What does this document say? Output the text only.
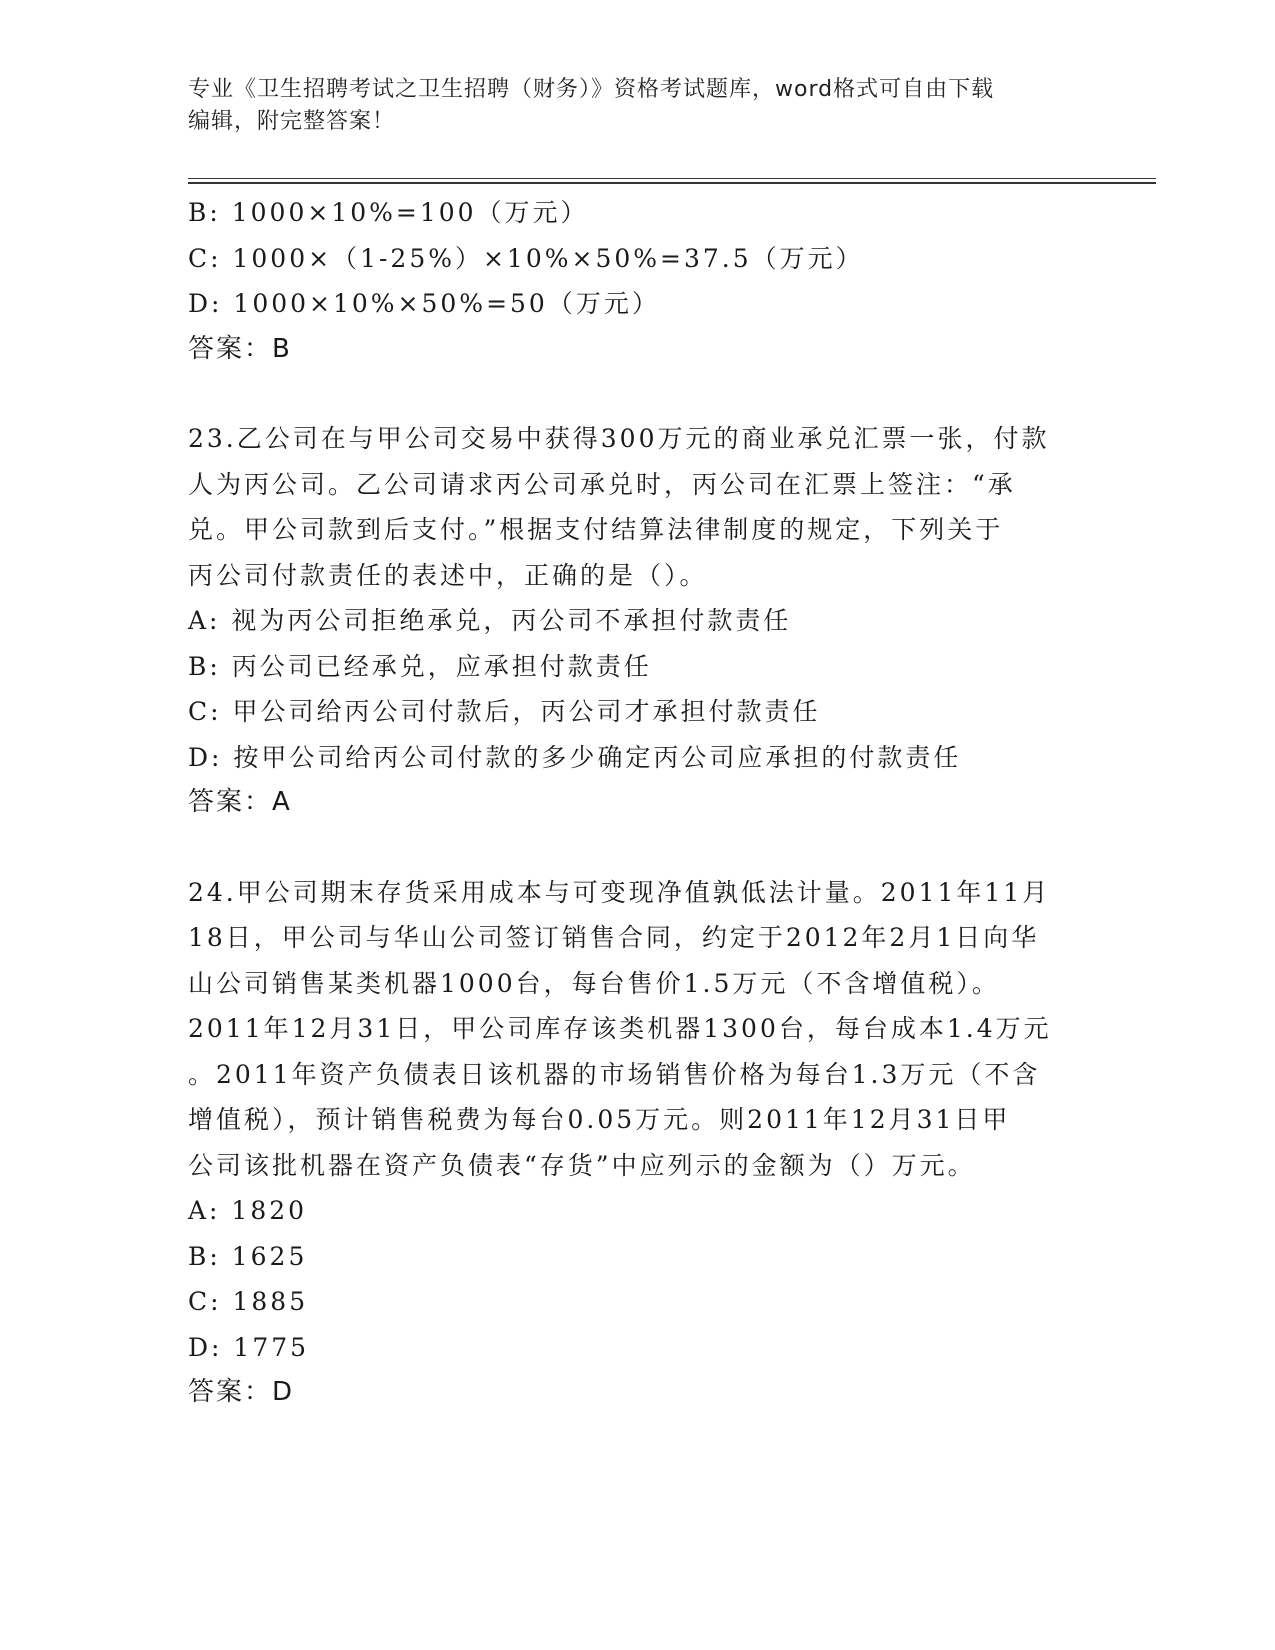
专业《卫生招聘考试之卫生招聘（财务）》资格考试题库，word格式可自由下载
编辑，附完整答案！
B: 1000×10%=100（万元）
C: 1000×（1-25%）×10%×50%=37.5（万元）
D: 1000×10%×50%=50（万元）
答案：B
23.乙公司在与甲公司交易中获得300万元的商业承兑汇票一张，付款
人为丙公司。乙公司请求丙公司承兑时，丙公司在汇票上签注：“承
兑。甲公司款到后支付。”根据支付结算法律制度的规定，下列关于
丙公司付款责任的表述中，正确的是（）。
A: 视为丙公司拒绝承兑，丙公司不承担付款责任
B: 丙公司已经承兑，应承担付款责任
C: 甲公司给丙公司付款后，丙公司才承担付款责任
D: 按甲公司给丙公司付款的多少确定丙公司应承担的付款责任
答案：A
24.甲公司期末存货采用成本与可变现净值孰低法计量。2011年11月
18日，甲公司与华山公司签订销售合同，约定于2012年2月1日向华
山公司销售某类机器1000台，每台售价1.5万元（不含增值税）。
2011年12月31日，甲公司库存该类机器1300台，每台成本1.4万元
。2011年资产负债表日该机器的市场销售价格为每台1.3万元（不含
增值税），预计销售税费为每台0.05万元。则2011年12月31日甲
公司该批机器在资产负债表“存货”中应列示的金额为（）万元。
A: 1820
B: 1625
C: 1885
D: 1775
答案：D
